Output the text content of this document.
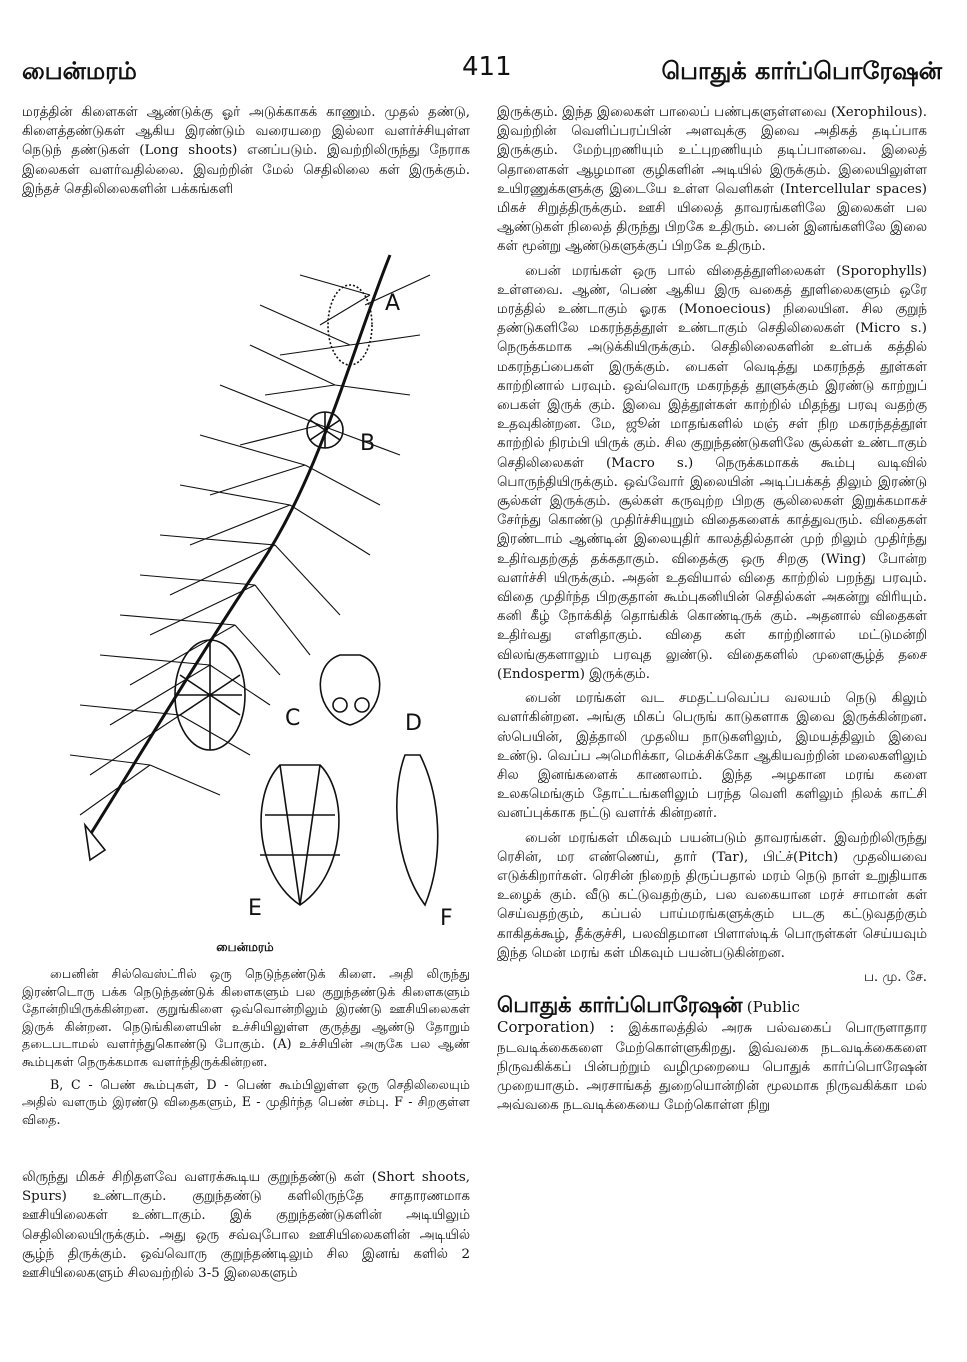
பைன்மரம்	411	பொதுக் கார்ப்பொரேஷன்

மரத்தின் கிளைகள் ஆண்டுக்கு ஓர் அடுக்காகக் காணும். முதல் தண்டு, கிளைத்தண்டுகள் ஆகிய இரண்டும் வரையறை இல்லா வளர்ச்சியுள்ள நெடுந் தண்டுகள் (Long shoots) எனப்படும். இவற்றிலிருந்து நேராக இலைகள் வளர்வதில்லை. இவற்றின் மேல் செதிலிலை கள் இருக்கும். இந்தச் செதிலிலைகளின் பக்கங்களி

A
B
C	D
E	F
பைன்மரம்

பைனின் சில்வெஸ்ட்ரில் ஒரு நெடுந்தண்டுக் கிளை. அதி லிருந்து இரண்டொரு பக்க நெடுந்தண்டுக் கிளைகளும் பல குறுந்தண்டுக் கிளைகளும் தோன்றியிருக்கின்றன. குறுங்கிளை ஒவ்வொன்றிலும் இரண்டு ஊசியிலைகள் இருக் கின்றன. நெடுங்கிளையின் உச்சியிலுள்ள குருத்து ஆண்டு தோறும் தடைபடாமல் வளர்ந்துகொண்டு போகும். (A) உச்சியின் அருகே பல ஆண் கூம்புகள் நெருக்கமாக வளர்ந்திருக்கின்றன.

B, C - பெண் கூம்புகள், D - பெண் கூம்பிலுள்ள ஒரு செதிலிலையும் அதில் வளரும் இரண்டு விதைகளும், E - முதிர்ந்த பெண் சம்பு. F - சிறகுள்ள விதை.

லிருந்து மிகச் சிறிதளவே வளரக்கூடிய குறுந்தண்டு கள் (Short shoots, Spurs) உண்டாகும். குறுந்தண்டு களிலிருந்தே சாதாரணமாக ஊசியிலைகள் உண்டாகும். இக் குறுந்தண்டுகளின் அடியிலும் செதிலிலையிருக்கும். அது ஒரு சவ்வுபோல ஊசியிலைகளின் அடியில் சூழ்ந் திருக்கும். ஒவ்வொரு குறுந்தண்டிலும் சில இனங் களில் 2 ஊசியிலைகளும் சிலவற்றில் 3-5 இலைகளும்

இருக்கும். இந்த இலைகள் பாலைப் பண்புகளுள்ளவை (Xerophilous). இவற்றின் வெளிப்பரப்பின் அளவுக்கு இவை அதிகத் தடிப்பாக இருக்கும். மேற்புறணியும் உட்புறணியும் தடிப்பானவை. இலைத் தொளைகள் ஆழமான குழிகளின் அடியில் இருக்கும். இலையிலுள்ள உயிரணுக்களுக்கு இடையே உள்ள வெளிகள் (Intercellular spaces) மிகச் சிறுத்திருக்கும். ஊசி யிலைத் தாவரங்களிலே இலைகள் பல ஆண்டுகள் நிலைத் திருந்து பிறகே உதிரும். பைன் இனங்களிலே இலை கள் மூன்று ஆண்டுகளுக்குப் பிறகே உதிரும்.

பைன் மரங்கள் ஒரு பால் விதைத்தூளிலைகள் (Sporophylls) உள்ளவை. ஆண், பெண் ஆகிய இரு வகைத் தூளிலைகளும் ஒரே மரத்தில் உண்டாகும் ஓரக (Monoecious) நிலையின. சில குறுந் தண்டுகளிலே மகரந்தத்தூள் உண்டாகும் செதிலிலைகள் (Micro s.) நெருக்கமாக அடுக்கியிருக்கும். செதிலிலைகளின் உள்பக் கத்தில் மகரந்தப்பைகள் இருக்கும். பைகள் வெடித்து மகரந்தத் தூள்கள் காற்றினால் பரவும். ஒவ்வொரு மகரந்தத் தூளுக்கும் இரண்டு காற்றுப் பைகள் இருக் கும். இவை இத்தூள்கள் காற்றில் மிதந்து பரவு வதற்கு உதவுகின்றன. மே, ஜூன் மாதங்களில் மஞ் சள் நிற மகரந்தத்தூள் காற்றில் நிரம்பி யிருக் கும். சில குறுந்தண்டுகளிலே சூல்கள் உண்டாகும் செதிலிலைகள் (Macro s.) நெருக்கமாகக் கூம்பு வடிவில் பொருந்தியிருக்கும். ஒவ்வோர் இலையின் அடிப்பக்கத் திலும் இரண்டு சூல்கள் இருக்கும். சூல்கள் கருவுற்ற பிறகு சூலிலைகள் இறுக்கமாகச் சேர்ந்து கொண்டு முதிர்ச்சியுறும் விதைகளைக் காத்துவரும். விதைகள் இரண்டாம் ஆண்டின் இலையுதிர் காலத்தில்தான் முற் றிலும் முதிர்ந்து உதிர்வதற்குத் தக்கதாகும். விதைக்கு ஒரு சிறகு (Wing) போன்ற வளர்ச்சி யிருக்கும். அதன் உதவியால் விதை காற்றில் பறந்து பரவும். விதை முதிர்ந்த பிறகுதான் கூம்புகனியின் செதில்கள் அகன்று விரியும். கனி கீழ் நோக்கித் தொங்கிக் கொண்டிருக் கும். அதனால் விதைகள் உதிர்வது எளிதாகும். விதை கள் காற்றினால் மட்டுமன்றி விலங்குகளாலும் பரவுத லுண்டு. விதைகளில் முளைசூழ்த் தசை (Endosperm) இருக்கும்.

பைன் மரங்கள் வட சமதட்பவெப்ப வலயம் நெடு கிலும் வளர்கின்றன. அங்கு மிகப் பெருங் காடுகளாக இவை இருக்கின்றன. ஸ்பெயின், இத்தாலி முதலிய நாடுகளிலும், இமயத்திலும் இவை உண்டு. வெப்ப அமெரிக்கா, மெக்சிக்கோ ஆகியவற்றின் மலைகளிலும் சில இனங்களைக் காணலாம். இந்த அழகான மரங் களை உலகமெங்கும் தோட்டங்களிலும் பரந்த வெளி களிலும் நிலக் காட்சி வனப்புக்காக நட்டு வளர்க் கின்றனர்.

பைன் மரங்கள் மிகவும் பயன்படும் தாவரங்கள். இவற்றிலிருந்து ரெசின், மர எண்ணெய், தார் (Tar), பிட்ச்(Pitch) முதலியவை எடுக்கிறார்கள். ரெசின் நிறைந் திருப்பதால் மரம் நெடு நாள் உறுதியாக உழைக் கும். வீடு கட்டுவதற்கும், பல வகையான மரச் சாமான் கள் செய்வதற்கும், கப்பல் பாய்மரங்களுக்கும் படகு கட்டுவதற்கும் காகிதக்கூழ், தீக்குச்சி, பலவிதமான பிளாஸ்டிக் பொருள்கள் செய்யவும் இந்த மென் மரங் கள் மிகவும் பயன்படுகின்றன.

ப. மு. சே.

பொதுக் கார்ப்பொரேஷன் (Public
Corporation) : இக்காலத்தில் அரசு பல்வகைப் பொருளாதார நடவடிக்கைகளை மேற்கொள்ளுகிறது. இவ்வகை நடவடிக்கைகளை நிருவகிக்கப் பின்பற்றும் வழிமுறையை பொதுக் கார்ப்பொரேஷன் முறையாகும். அரசாங்கத் துறையொன்றின் மூலமாக நிருவகிக்கா மல் அவ்வகை நடவடிக்கையை மேற்கொள்ள நிறு
